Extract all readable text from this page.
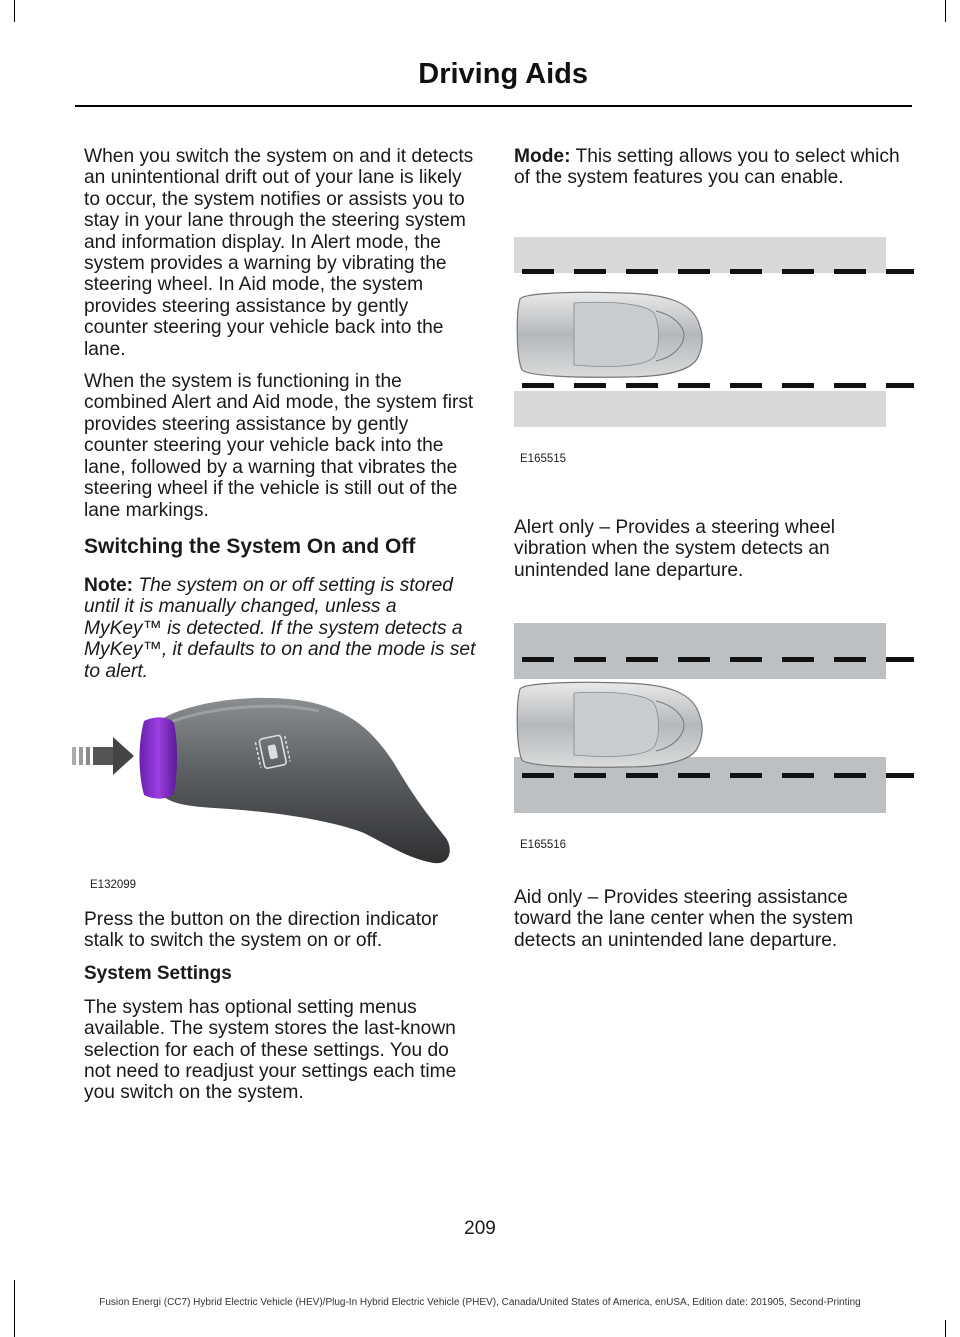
Driving Aids

When you switch the system on and it detects an unintentional drift out of your lane is likely to occur, the system notifies or assists you to stay in your lane through the steering system and information display. In Alert mode, the system provides a warning by vibrating the steering wheel. In Aid mode, the system provides steering assistance by gently counter steering your vehicle back into the lane.

When the system is functioning in the combined Alert and Aid mode, the system first provides steering assistance by gently counter steering your vehicle back into the lane, followed by a warning that vibrates the steering wheel if the vehicle is still out of the lane markings.

Switching the System On and Off

Note: The system on or off setting is stored until it is manually changed, unless a MyKey™ is detected. If the system detects a MyKey™, it defaults to on and the mode is set to alert.

E132099

Press the button on the direction indicator stalk to switch the system on or off.

System Settings

The system has optional setting menus available. The system stores the last-known selection for each of these settings. You do not need to readjust your settings each time you switch on the system.

Mode: This setting allows you to select which of the system features you can enable.

E165515

Alert only – Provides a steering wheel vibration when the system detects an unintended lane departure.

E165516

Aid only – Provides steering assistance toward the lane center when the system detects an unintended lane departure.

209
Fusion Energi (CC7) Hybrid Electric Vehicle (HEV)/Plug-In Hybrid Electric Vehicle (PHEV), Canada/United States of America, enUSA, Edition date: 201905, Second-Printing
